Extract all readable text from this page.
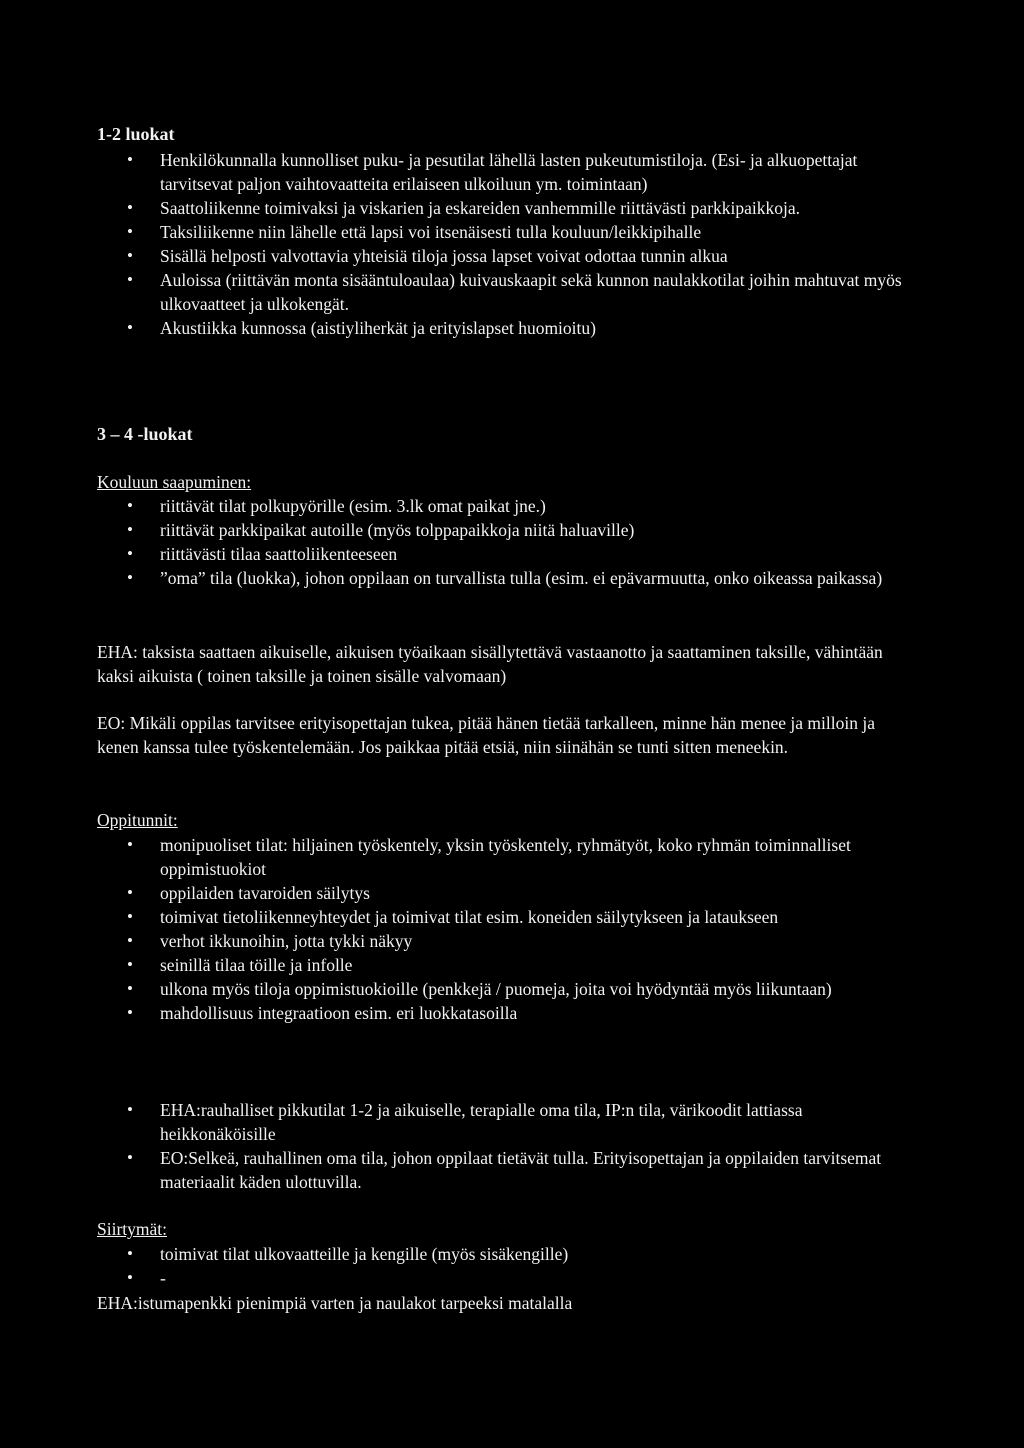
1-2 luokat
• Henkilökunnalla kunnolliset puku- ja pesutilat lähellä lasten pukeutumistiloja. (Esi- ja alkuopettajat tarvitsevat paljon vaihtovaatteita erilaiseen ulkoiluun ym. toimintaan)
• Saattoliikenne toimivaksi ja viskarien ja eskareiden vanhemmille riittävästi parkkipaikkoja.
• Taksiliikenne niin lähelle että lapsi voi itsenäisesti tulla kouluun/leikkipihalle
• Sisällä helposti valvottavia yhteisiä tiloja jossa lapset voivat odottaa tunnin alkua
• Auloissa (riittävän monta sisääntuloaulaa) kuivauskaapit sekä kunnon naulakkotilat joihin mahtuvat myös ulkovaatteet ja ulkokengät.
• Akustiikka kunnossa (aistiyliherkät ja erityislapset huomioitu)
3 – 4 -luokat

Kouluun saapuminen:

• riittävät tilat polkupyörille (esim. 3.lk omat paikat jne.)
• riittävät parkkipaikat autoille (myös tolppapaikkoja niitä haluaville)
• riittävästi tilaa saattoliikenteeseen
• ”oma” tila (luokka), johon oppilaan on turvallista tulla (esim. ei epävarmuutta, onko oikeassa paikassa)

EHA: taksista saattaen aikuiselle, aikuisen työaikaan sisällytettävä vastaanotto ja saattaminen taksille, vähintään kaksi aikuista ( toinen taksille ja toinen sisälle valvomaan)

EO: Mikäli oppilas tarvitsee erityisopettajan tukea, pitää hänen tietää tarkalleen, minne hän menee ja milloin ja kenen kanssa tulee työskentelemään. Jos paikkaa pitää etsiä, niin siinähän se tunti sitten meneekin.

Oppitunnit:

• monipuoliset tilat: hiljainen työskentely, yksin työskentely, ryhmätyöt, koko ryhmän toiminnalliset oppimistuokiot
• oppilaiden tavaroiden säilytys
• toimivat tietoliikenneyhteydet ja toimivat tilat esim. koneiden säilytykseen ja lataukseen
• verhot ikkunoihin, jotta tykki näkyy
• seinillä tilaa töille ja infolle
• ulkona myös tiloja oppimistuokioille (penkkejä / puomeja, joita voi hyödyntää myös liikuntaan)
• mahdollisuus integraatioon esim. eri luokkatasoilla
• EHA:rauhalliset pikkutilat 1-2 ja aikuiselle, terapialle oma tila, IP:n tila, värikoodit lattiassa heikkonäköisille
• EO:Selkeä, rauhallinen oma tila, johon oppilaat tietävät tulla. Erityisopettajan ja oppilaiden tarvitsemat materiaalit käden ulottuvilla.

Siirtymät:

• toimivat tilat ulkovaatteille ja kengille (myös sisäkengille)
• -

EHA:istumapenkki pienimpiä varten ja naulakot tarpeeksi matalalla
